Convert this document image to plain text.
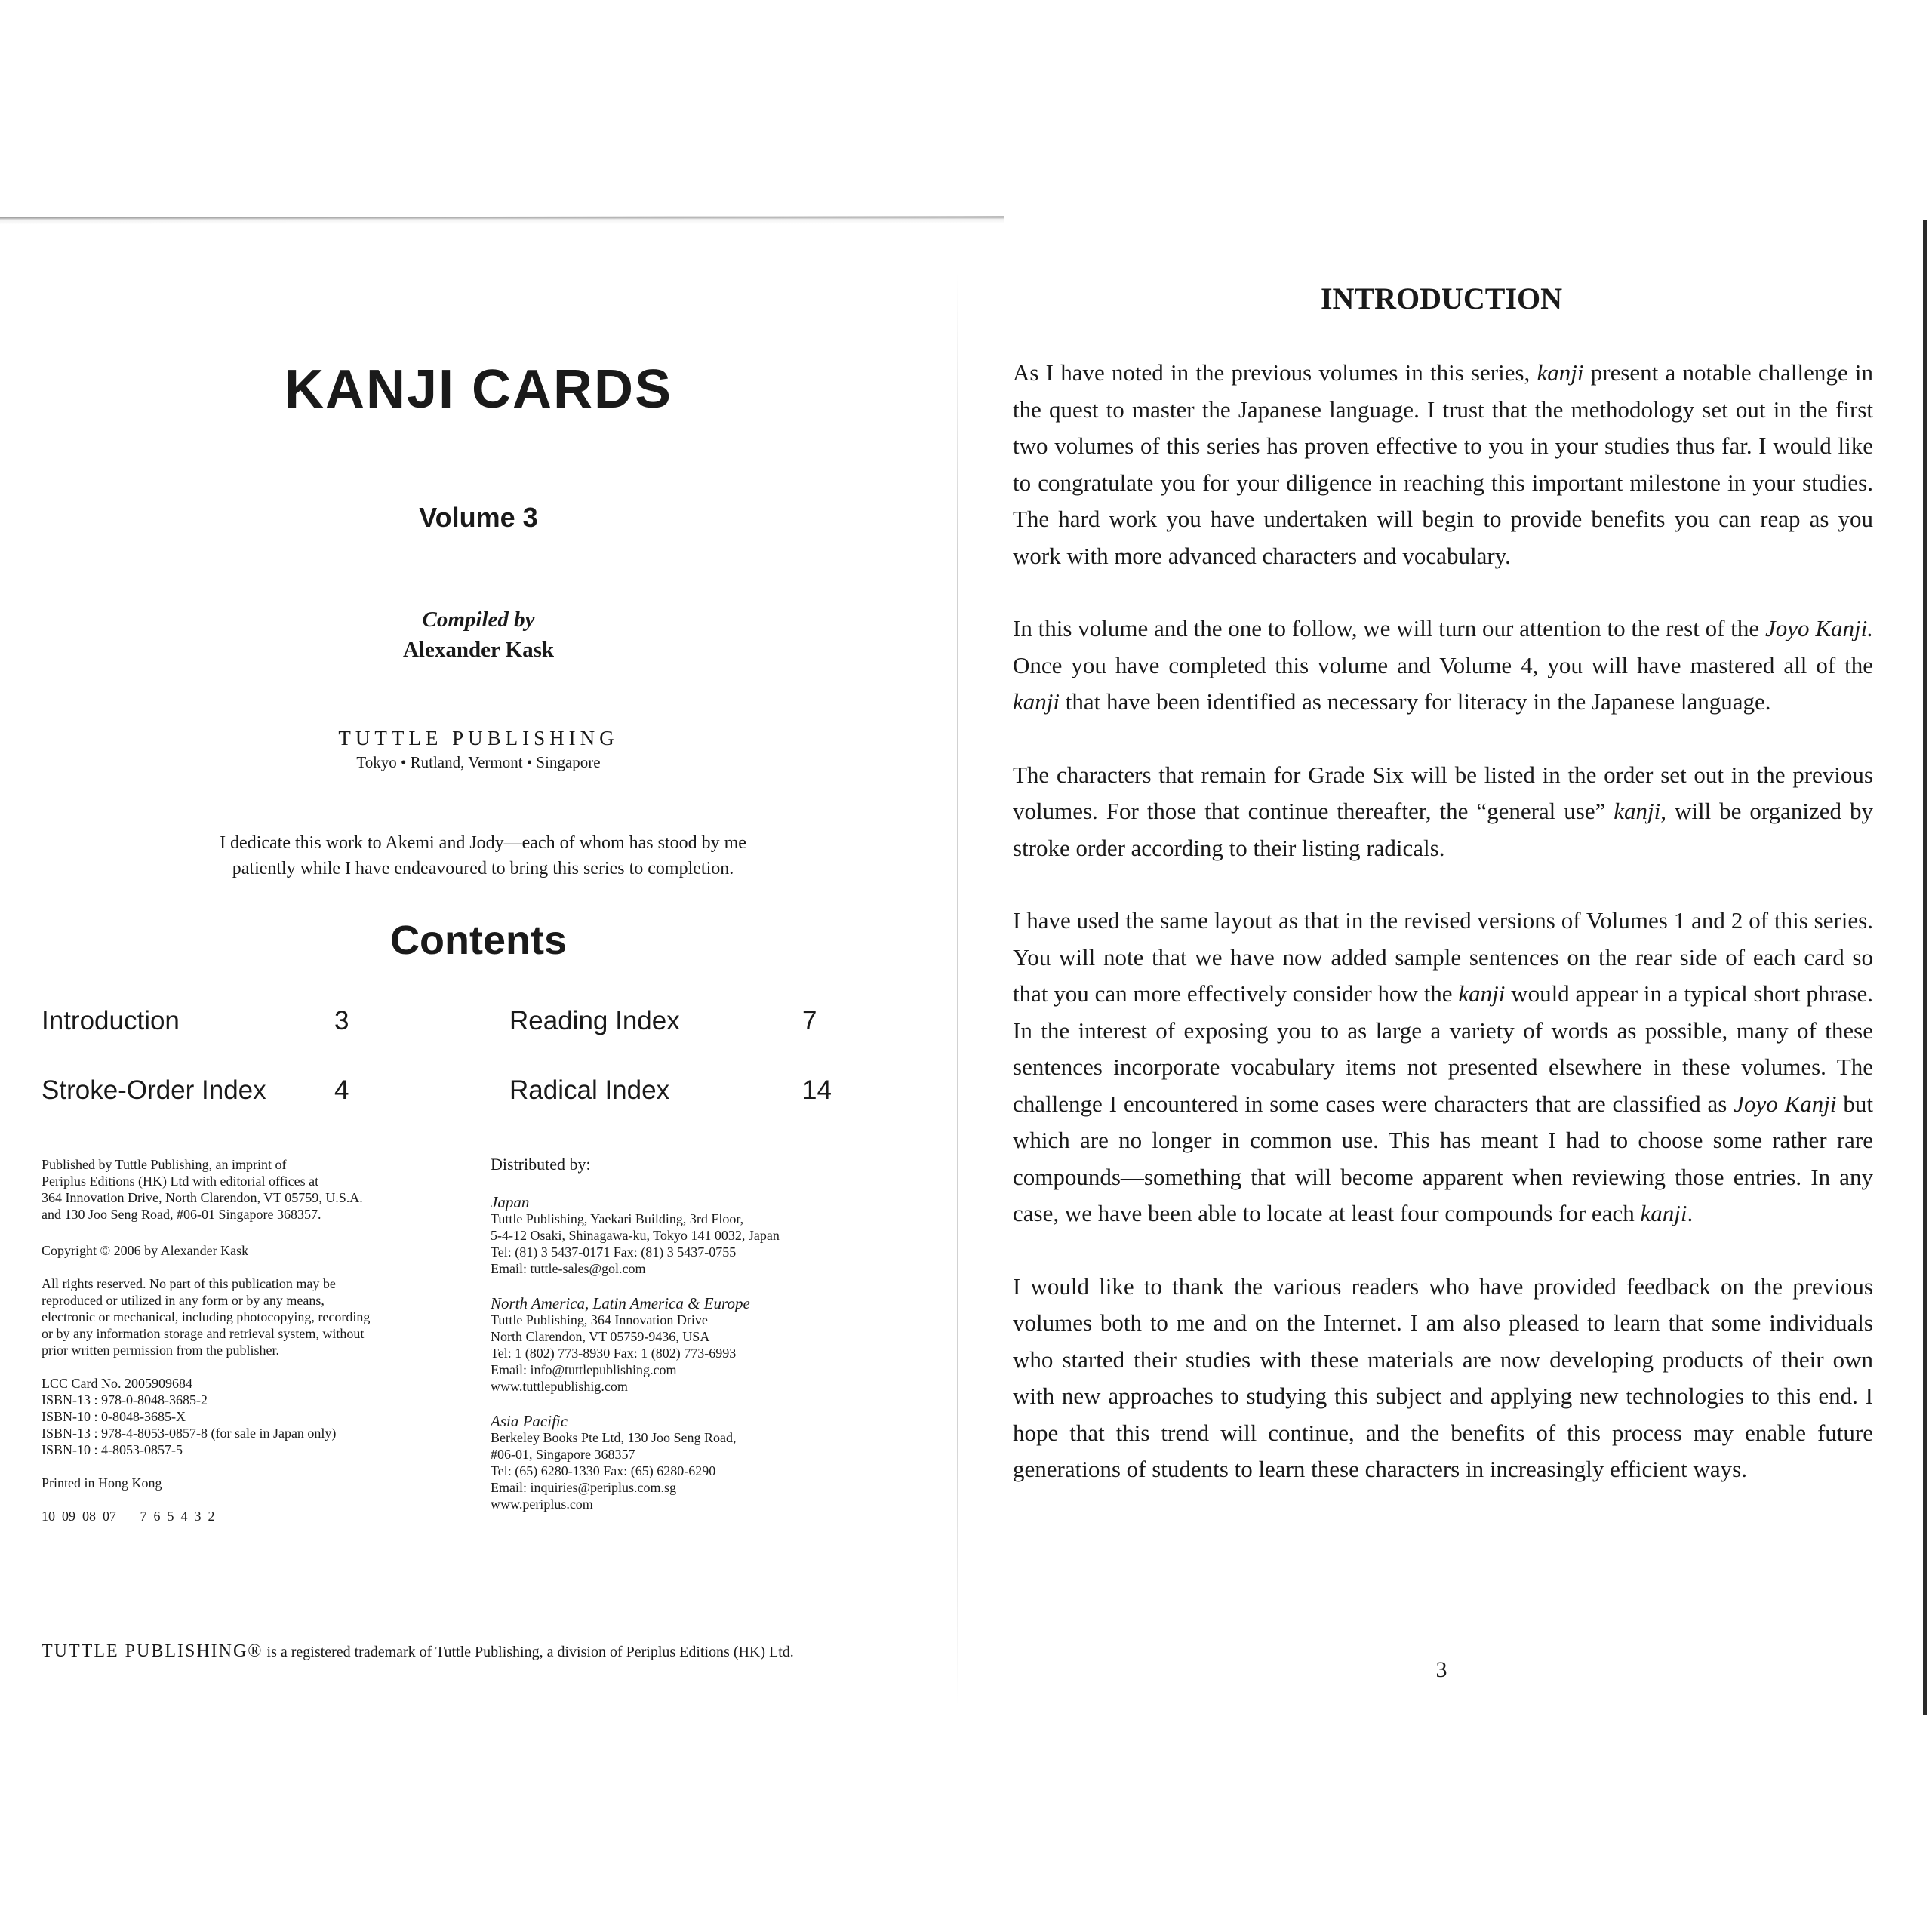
KANJI CARDS
Volume 3
Compiled by
Alexander Kask
TUTTLE PUBLISHING
Tokyo • Rutland, Vermont • Singapore
I dedicate this work to Akemi and Jody—each of whom has stood by me
patiently while I have endeavoured to bring this series to completion.
Contents
Introduction	3
Stroke-Order Index	4
Reading Index	7
Radical Index	14

Published by Tuttle Publishing, an imprint of
Periplus Editions (HK) Ltd with editorial offices at
364 Innovation Drive, North Clarendon, VT 05759, U.S.A.
and 130 Joo Seng Road, #06-01 Singapore 368357.

Copyright © 2006 by Alexander Kask

All rights reserved. No part of this publication may be
reproduced or utilized in any form or by any means,
electronic or mechanical, including photocopying, recording
or by any information storage and retrieval system, without
prior written permission from the publisher.

LCC Card No. 2005909684
ISBN-13 : 978-0-8048-3685-2
ISBN-10 : 0-8048-3685-X
ISBN-13 : 978-4-8053-0857-8 (for sale in Japan only)
ISBN-10 : 4-8053-0857-5

Printed in Hong Kong

10  09  08  07       7  6  5  4  3  2

Distributed by:
Japan
Tuttle Publishing, Yaekari Building, 3rd Floor,
5-4-12 Osaki, Shinagawa-ku, Tokyo 141 0032, Japan
Tel: (81) 3 5437-0171 Fax: (81) 3 5437-0755
Email: tuttle-sales@gol.com
North America, Latin America & Europe
Tuttle Publishing, 364 Innovation Drive
North Clarendon, VT 05759-9436, USA
Tel: 1 (802) 773-8930 Fax: 1 (802) 773-6993
Email: info@tuttlepublishing.com
www.tuttlepublishig.com
Asia Pacific
Berkeley Books Pte Ltd, 130 Joo Seng Road,
#06-01, Singapore 368357
Tel: (65) 6280-1330 Fax: (65) 6280-6290
Email: inquiries@periplus.com.sg
www.periplus.com
TUTTLE PUBLISHING® is a registered trademark of Tuttle Publishing, a division of Periplus Editions (HK) Ltd.
INTRODUCTION

As I have noted in the previous volumes in this series, kanji present a notable challenge in the quest to master the Japanese language. I trust that the methodology set out in the first two volumes of this series has proven effective to you in your studies thus far. I would like to congratulate you for your diligence in reaching this important milestone in your studies. The hard work you have undertaken will begin to provide benefits you can reap as you work with more advanced characters and vocabulary.

In this volume and the one to follow, we will turn our attention to the rest of the Joyo Kanji. Once you have completed this volume and Volume 4, you will have mastered all of the kanji that have been identified as necessary for literacy in the Japanese language.

The characters that remain for Grade Six will be listed in the order set out in the previous volumes. For those that continue thereafter, the “general use” kanji, will be organized by stroke order according to their listing radicals.

I have used the same layout as that in the revised versions of Volumes 1 and 2 of this series. You will note that we have now added sample sentences on the rear side of each card so that you can more effectively consider how the kanji would appear in a typical short phrase. In the interest of exposing you to as large a variety of words as possible, many of these sentences incorporate vocabulary items not presented elsewhere in these volumes. The challenge I encountered in some cases were characters that are classified as Joyo Kanji but which are no longer in common use. This has meant I had to choose some rather rare compounds—something that will become apparent when reviewing those entries. In any case, we have been able to locate at least four compounds for each kanji.

I would like to thank the various readers who have provided feedback on the previous volumes both to me and on the Internet. I am also pleased to learn that some individuals who started their studies with these materials are now developing products of their own with new approaches to studying this subject and applying new technologies to this end. I hope that this trend will continue, and the benefits of this process may enable future generations of students to learn these characters in increasingly efficient ways.

3
